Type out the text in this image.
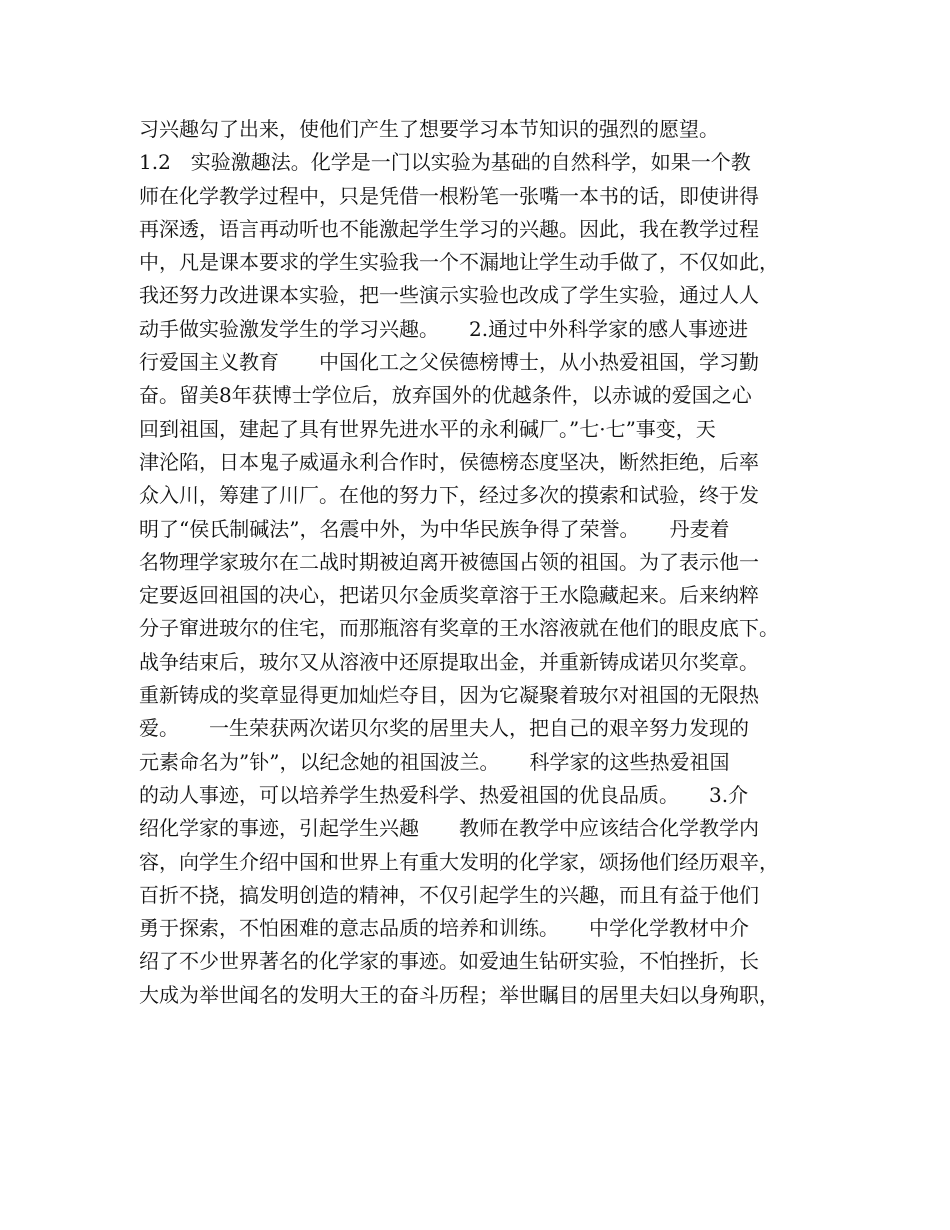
习兴趣勾了出来，使他们产生了想要学习本节知识的强烈的愿望。
1.2　实验激趣法。化学是一门以实验为基础的自然科学，如果一个教
师在化学教学过程中，只是凭借一根粉笔一张嘴一本书的话，即使讲得
再深透，语言再动听也不能激起学生学习的兴趣。因此，我在教学过程
中，凡是课本要求的学生实验我一个不漏地让学生动手做了，不仅如此，
我还努力改进课本实验，把一些演示实验也改成了学生实验，通过人人
动手做实验激发学生的学习兴趣。　　2.通过中外科学家的感人事迹进
行爱国主义教育　　中国化工之父侯德榜博士，从小热爱祖国，学习勤
奋。留美8年获博士学位后，放弃国外的优越条件，以赤诚的爱国之心
回到祖国，建起了具有世界先进水平的永利碱厂。”七·七”事变，天
津沦陷，日本鬼子威逼永利合作时，侯德榜态度坚决，断然拒绝，后率
众入川，筹建了川厂。在他的努力下，经过多次的摸索和试验，终于发
明了“侯氏制碱法”，名震中外，为中华民族争得了荣誉。　　丹麦着
名物理学家玻尔在二战时期被迫离开被德国占领的祖国。为了表示他一
定要返回祖国的决心，把诺贝尔金质奖章溶于王水隐藏起来。后来纳粹
分子窜进玻尔的住宅，而那瓶溶有奖章的王水溶液就在他们的眼皮底下。
战争结束后，玻尔又从溶液中还原提取出金，并重新铸成诺贝尔奖章。
重新铸成的奖章显得更加灿烂夺目，因为它凝聚着玻尔对祖国的无限热
爱。　　一生荣获两次诺贝尔奖的居里夫人，把自己的艰辛努力发现的
元素命名为”钋”，以纪念她的祖国波兰。　　科学家的这些热爱祖国
的动人事迹，可以培养学生热爱科学、热爱祖国的优良品质。　　3.介
绍化学家的事迹，引起学生兴趣　　教师在教学中应该结合化学教学内
容，向学生介绍中国和世界上有重大发明的化学家，颂扬他们经历艰辛，
百折不挠，搞发明创造的精神，不仅引起学生的兴趣，而且有益于他们
勇于探索，不怕困难的意志品质的培养和训练。　　中学化学教材中介
绍了不少世界著名的化学家的事迹。如爱迪生钻研实验，不怕挫折，长
大成为举世闻名的发明大王的奋斗历程；举世瞩目的居里夫妇以身殉职，
